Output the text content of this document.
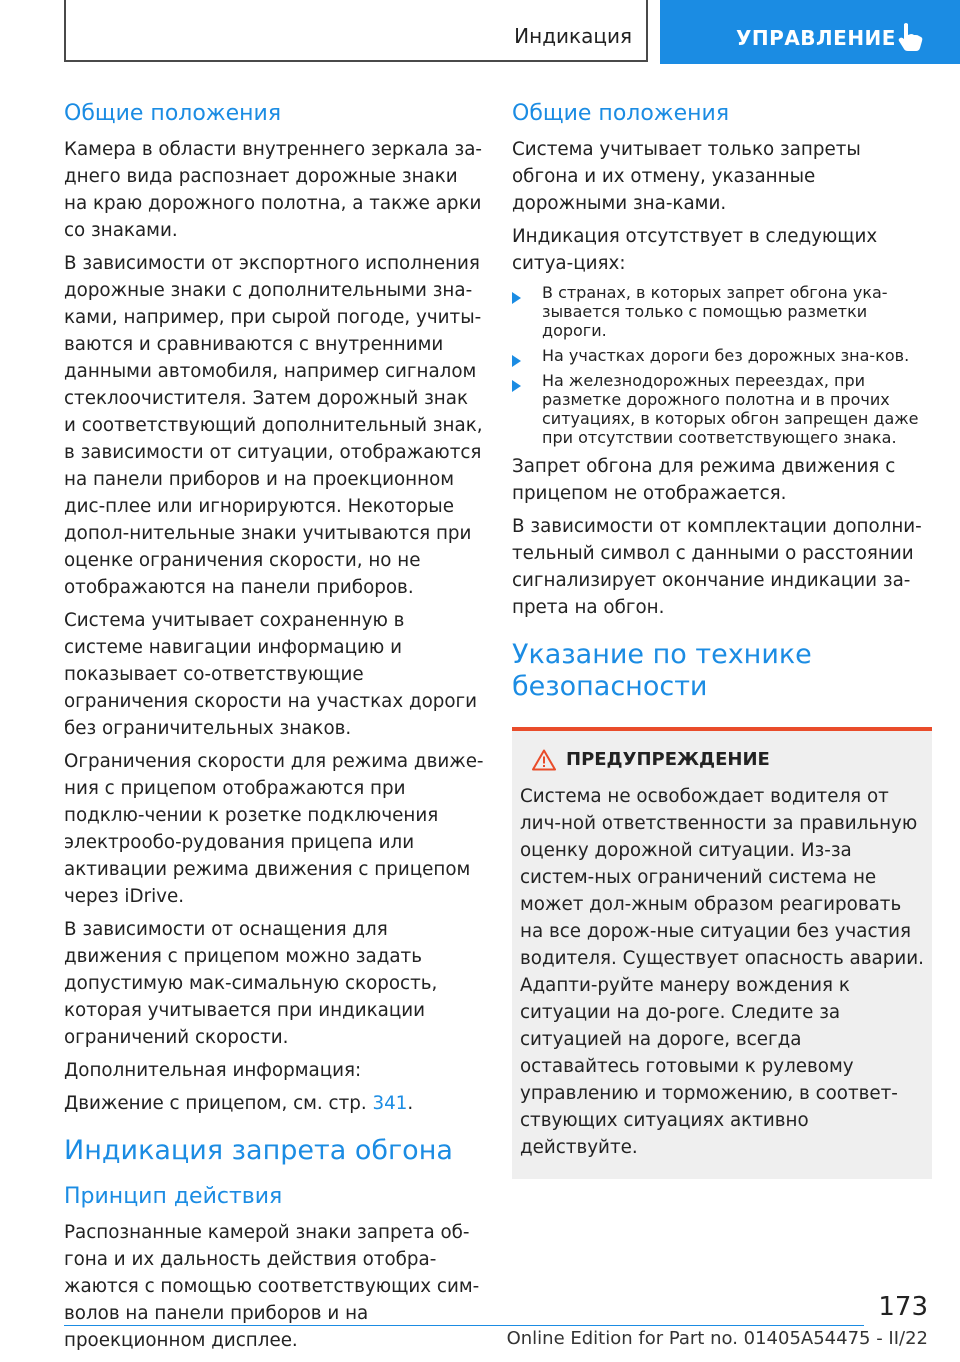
Индикация	УПРАВЛЕНИЕ
Общие положения

Камера в области внутреннего зеркала за-днего вида распознает дорожные знаки на краю дорожного полотна, а также арки со знаками.

В зависимости от экспортного исполнения дорожные знаки с дополнительными зна-ками, например, при сырой погоде, учиты-ваются и сравниваются с внутренними данными автомобиля, например сигналом стеклоочистителя. Затем дорожный знак и соответствующий дополнительный знак, в зависимости от ситуации, отображаются на панели приборов и на проекционном дис-плее или игнорируются. Некоторые допол-нительные знаки учитываются при оценке ограничения скорости, но не отображаются на панели приборов.

Система учитывает сохраненную в системе навигации информацию и показывает со-ответствующие ограничения скорости на участках дороги без ограничительных знаков.

Ограничения скорости для режима движе-ния с прицепом отображаются при подклю-чении к розетке подключения электрообо-рудования прицепа или активации режима движения с прицепом через iDrive.

В зависимости от оснащения для движения с прицепом можно задать допустимую мак-симальную скорость, которая учитывается при индикации ограничений скорости.

Дополнительная информация:

Движение с прицепом, см. стр. 341.

Индикация запрета обгона
Принцип действия

Распознанные камерой знаки запрета об-гона и их дальность действия отобра-жаются с помощью соответствующих сим-волов на панели приборов и на проекционном дисплее.

Общие положения

Система учитывает только запреты обгона и их отмену, указанные дорожными зна-ками.

Индикация отсутствует в следующих ситуа-циях:

В странах, в которых запрет обгона ука-зывается только с помощью разметки дороги.
На участках дороги без дорожных зна-ков.
На железнодорожных переездах, при разметке дорожного полотна и в прочих ситуациях, в которых обгон запрещен даже при отсутствии соответствующего знака.

Запрет обгона для режима движения с прицепом не отображается.

В зависимости от комплектации дополни-тельный символ с данными о расстоянии сигнализирует окончание индикации за-прета на обгон.

Указание по технике безопасности
ПРЕДУПРЕЖДЕНИЕ

Система не освобождает водителя от лич-ной ответственности за правильную оценку дорожной ситуации. Из-за систем-ных ограничений система не может дол-жным образом реагировать на все дорож-ные ситуации без участия водителя. Существует опасность аварии. Адапти-руйте манеру вождения к ситуации на до-роге. Следите за ситуацией на дороге, всегда оставайтесь готовыми к рулевому управлению и торможению, в соответ-ствующих ситуациях активно действуйте.

173
Online Edition for Part no. 01405A54475 - II/22
